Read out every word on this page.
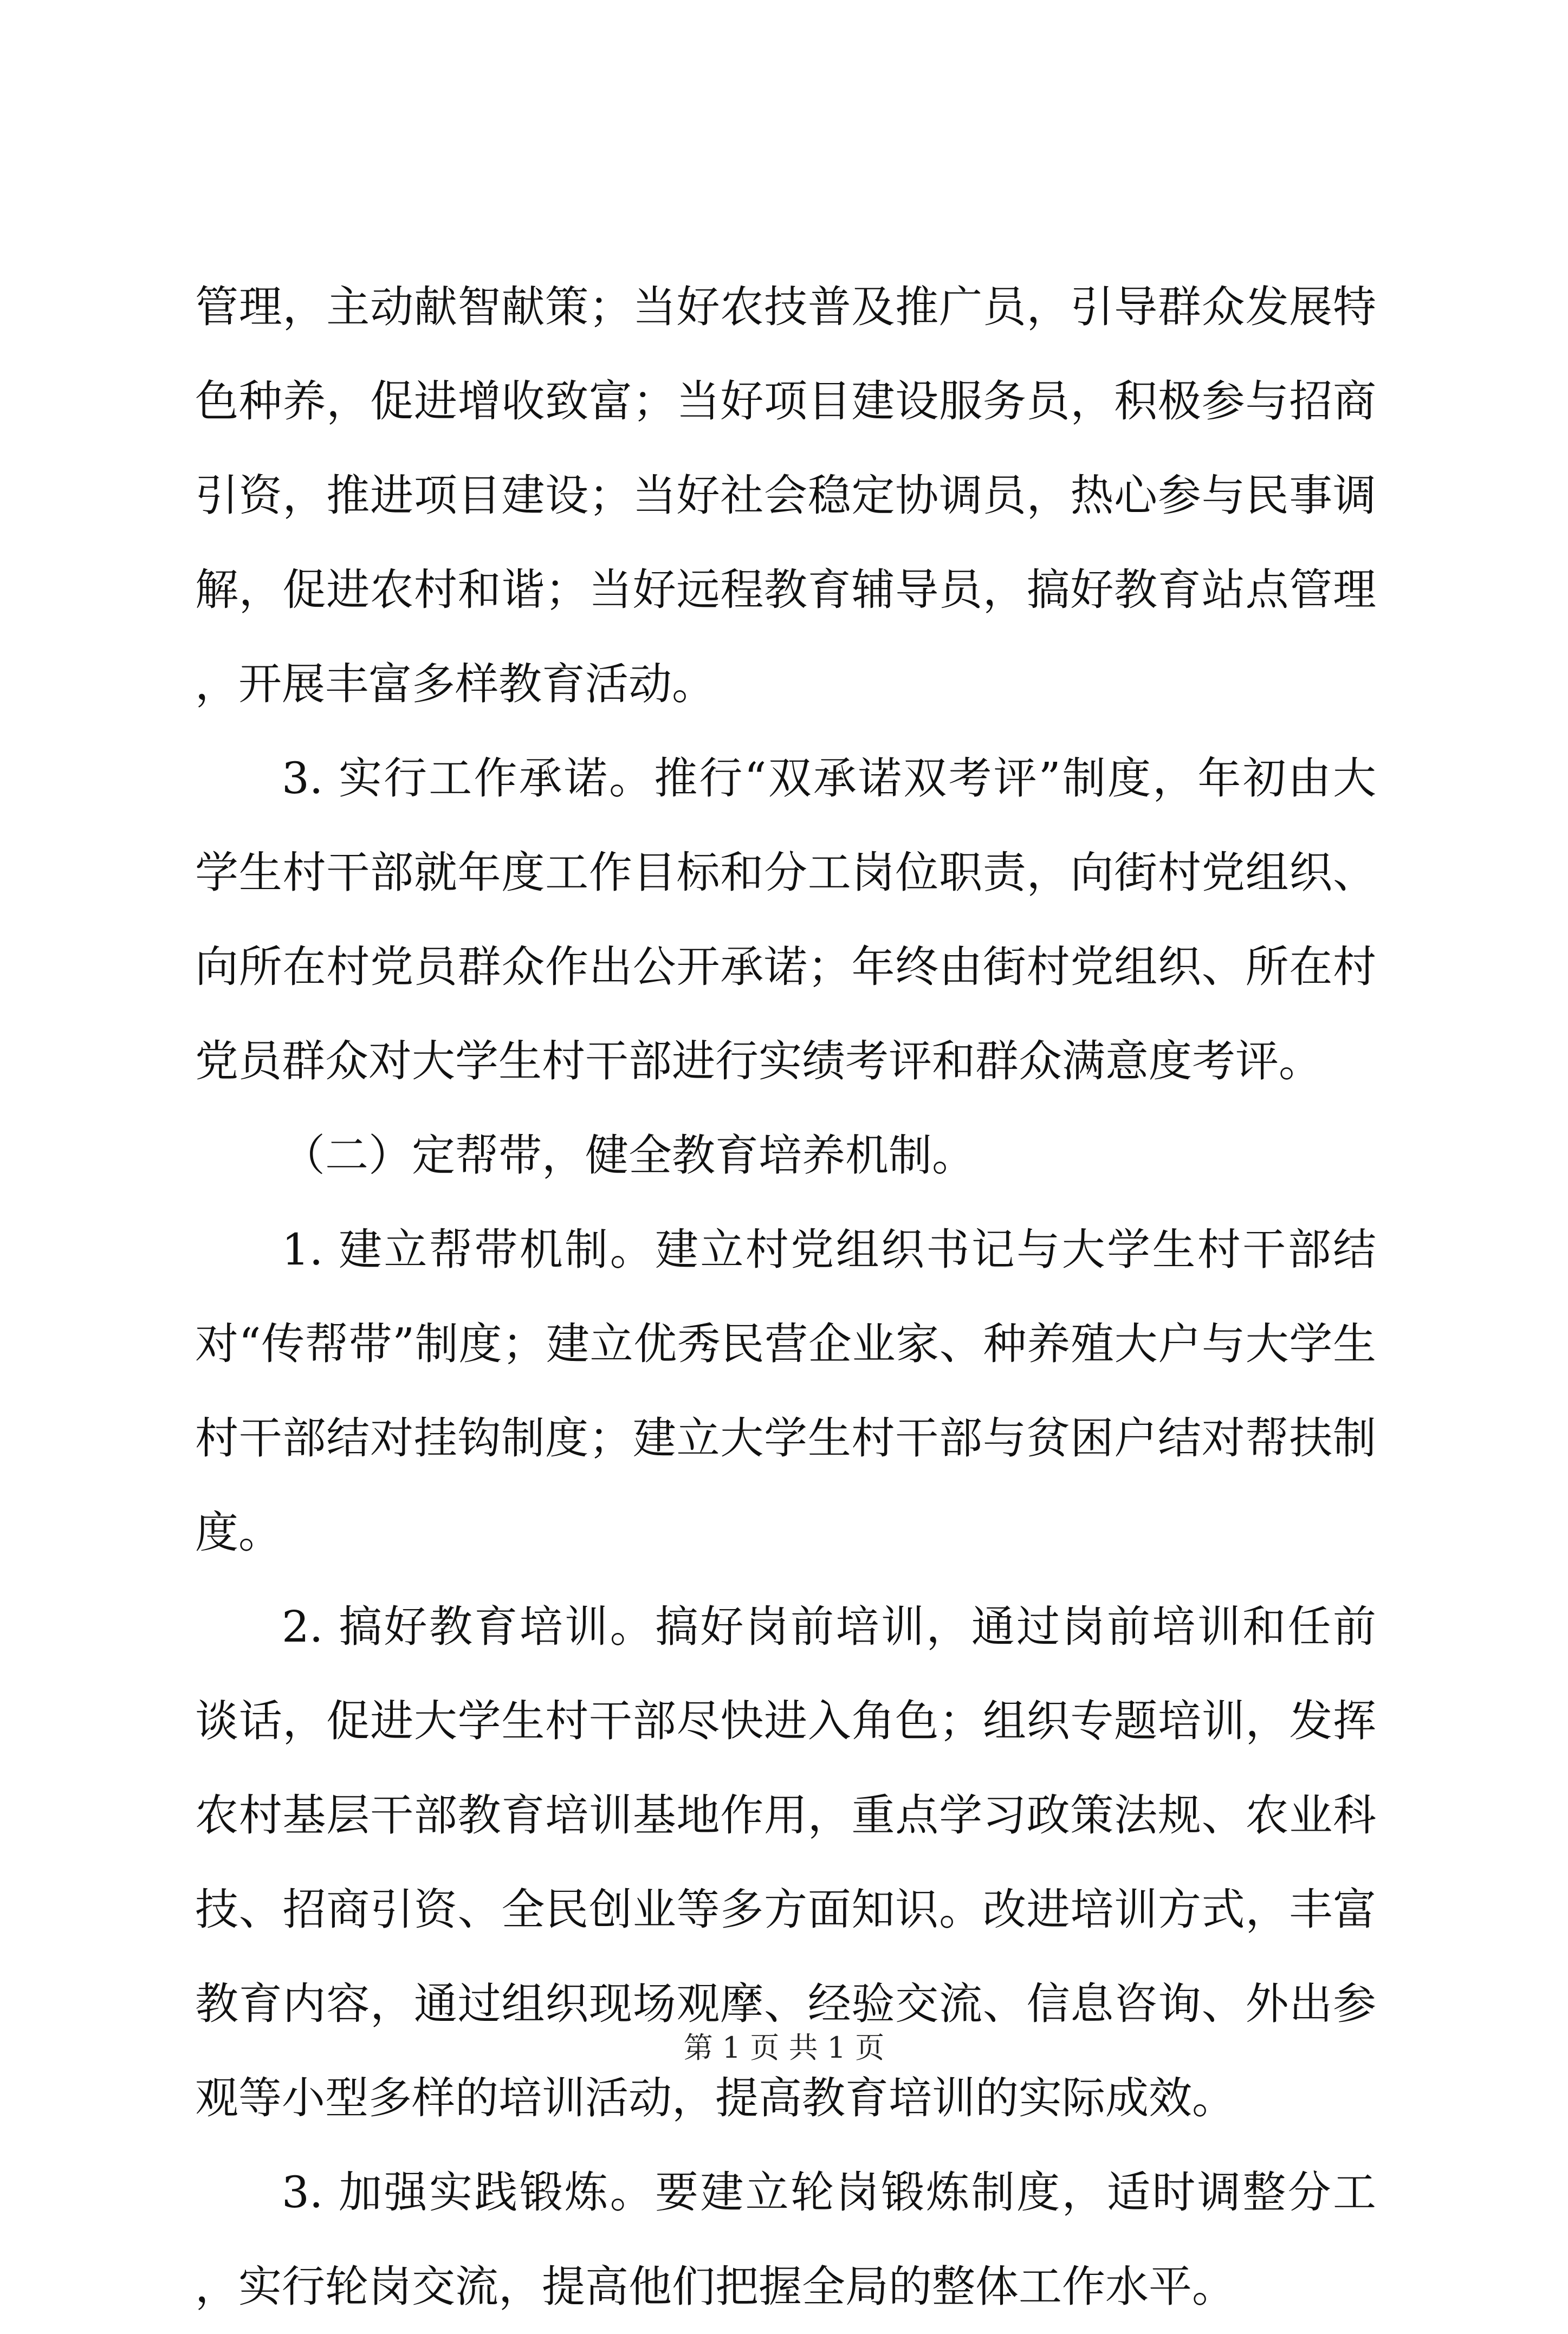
管理，主动献智献策；当好农技普及推广员，引导群众发展特色种养，促进增收致富；当好项目建设服务员，积极参与招商引资，推进项目建设；当好社会稳定协调员，热心参与民事调解，促进农村和谐；当好远程教育辅导员，搞好教育站点管理，开展丰富多样教育活动。

3. 实行工作承诺。推行“双承诺双考评”制度，年初由大学生村干部就年度工作目标和分工岗位职责，向街村党组织、向所在村党员群众作出公开承诺；年终由街村党组织、所在村党员群众对大学生村干部进行实绩考评和群众满意度考评。

（二）定帮带，健全教育培养机制。

1. 建立帮带机制。建立村党组织书记与大学生村干部结对“传帮带”制度；建立优秀民营企业家、种养殖大户与大学生村干部结对挂钩制度；建立大学生村干部与贫困户结对帮扶制度。

2. 搞好教育培训。搞好岗前培训，通过岗前培训和任前谈话，促进大学生村干部尽快进入角色；组织专题培训，发挥农村基层干部教育培训基地作用，重点学习政策法规、农业科技、招商引资、全民创业等多方面知识。改进培训方式，丰富教育内容，通过组织现场观摩、经验交流、信息咨询、外出参观等小型多样的培训活动，提高教育培训的实际成效。

3. 加强实践锻炼。要建立轮岗锻炼制度，适时调整分工，实行轮岗交流，提高他们把握全局的整体工作水平。

第 1 页 共 1 页
